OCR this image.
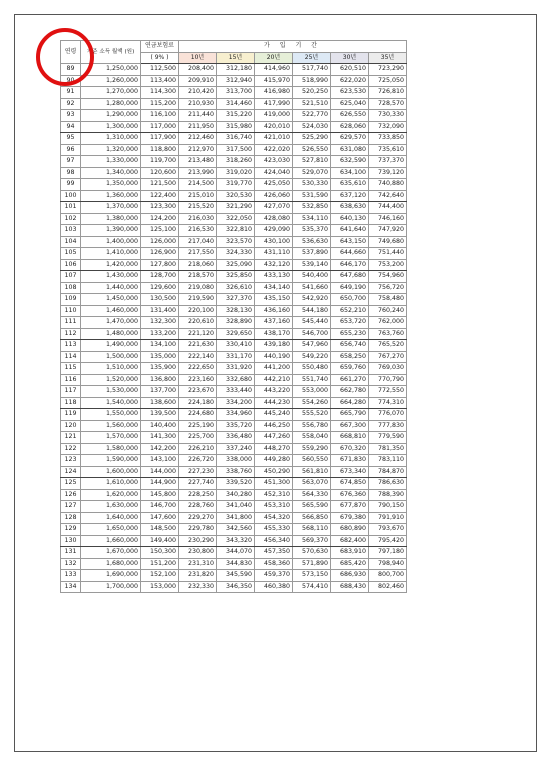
연령	기준 소득 월액 (원)	연금보험료	가 입 기 간					
		( 9% )	10년	15년	20년	25년	30년	35년
89	1,250,000	112,500	208,400	312,180	414,960	517,740	620,510	723,290
90	1,260,000	113,400	209,910	312,940	415,970	518,990	622,020	725,050
91	1,270,000	114,300	210,420	313,700	416,980	520,250	623,530	726,810
92	1,280,000	115,200	210,930	314,460	417,990	521,510	625,040	728,570
93	1,290,000	116,100	211,440	315,220	419,000	522,770	626,550	730,330
94	1,300,000	117,000	211,950	315,980	420,010	524,030	628,060	732,090
95	1,310,000	117,900	212,460	316,740	421,010	525,290	629,570	733,850
96	1,320,000	118,800	212,970	317,500	422,020	526,550	631,080	735,610
97	1,330,000	119,700	213,480	318,260	423,030	527,810	632,590	737,370
98	1,340,000	120,600	213,990	319,020	424,040	529,070	634,100	739,120
99	1,350,000	121,500	214,500	319,770	425,050	530,330	635,610	740,880
100	1,360,000	122,400	215,010	320,530	426,060	531,590	637,120	742,640
101	1,370,000	123,300	215,520	321,290	427,070	532,850	638,630	744,400
102	1,380,000	124,200	216,030	322,050	428,080	534,110	640,130	746,160
103	1,390,000	125,100	216,530	322,810	429,090	535,370	641,640	747,920
104	1,400,000	126,000	217,040	323,570	430,100	536,630	643,150	749,680
105	1,410,000	126,900	217,550	324,330	431,110	537,890	644,660	751,440
106	1,420,000	127,800	218,060	325,090	432,120	539,140	646,170	753,200
107	1,430,000	128,700	218,570	325,850	433,130	540,400	647,680	754,960
108	1,440,000	129,600	219,080	326,610	434,140	541,660	649,190	756,720
109	1,450,000	130,500	219,590	327,370	435,150	542,920	650,700	758,480
110	1,460,000	131,400	220,100	328,130	436,160	544,180	652,210	760,240
111	1,470,000	132,300	220,610	328,890	437,160	545,440	653,720	762,000
112	1,480,000	133,200	221,120	329,650	438,170	546,700	655,230	763,760
113	1,490,000	134,100	221,630	330,410	439,180	547,960	656,740	765,520
114	1,500,000	135,000	222,140	331,170	440,190	549,220	658,250	767,270
115	1,510,000	135,900	222,650	331,920	441,200	550,480	659,760	769,030
116	1,520,000	136,800	223,160	332,680	442,210	551,740	661,270	770,790
117	1,530,000	137,700	223,670	333,440	443,220	553,000	662,780	772,550
118	1,540,000	138,600	224,180	334,200	444,230	554,260	664,280	774,310
119	1,550,000	139,500	224,680	334,960	445,240	555,520	665,790	776,070
120	1,560,000	140,400	225,190	335,720	446,250	556,780	667,300	777,830
121	1,570,000	141,300	225,700	336,480	447,260	558,040	668,810	779,590
122	1,580,000	142,200	226,210	337,240	448,270	559,290	670,320	781,350
123	1,590,000	143,100	226,720	338,000	449,280	560,550	671,830	783,110
124	1,600,000	144,000	227,230	338,760	450,290	561,810	673,340	784,870
125	1,610,000	144,900	227,740	339,520	451,300	563,070	674,850	786,630
126	1,620,000	145,800	228,250	340,280	452,310	564,330	676,360	788,390
127	1,630,000	146,700	228,760	341,040	453,310	565,590	677,870	790,150
128	1,640,000	147,600	229,270	341,800	454,320	566,850	679,380	791,910
129	1,650,000	148,500	229,780	342,560	455,330	568,110	680,890	793,670
130	1,660,000	149,400	230,290	343,320	456,340	569,370	682,400	795,420
131	1,670,000	150,300	230,800	344,070	457,350	570,630	683,910	797,180
132	1,680,000	151,200	231,310	344,830	458,360	571,890	685,420	798,940
133	1,690,000	152,100	231,820	345,590	459,370	573,150	686,930	800,700
134	1,700,000	153,000	232,330	346,350	460,380	574,410	688,430	802,460
